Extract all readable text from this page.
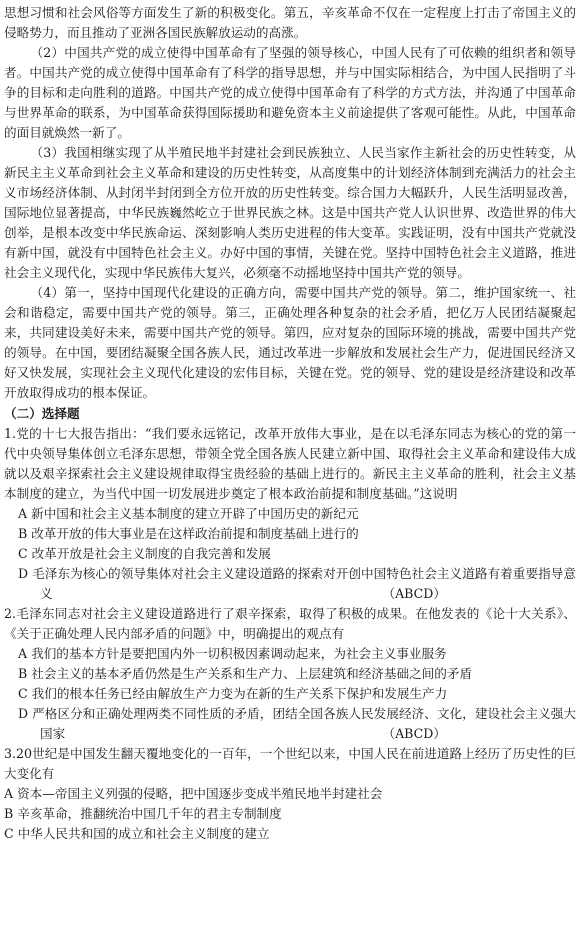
思想习惯和社会风俗等方面发生了新的积极变化。第五，辛亥革命不仅在一定程度上打击了帝国主义的侵略势力，而且推动了亚洲各国民族解放运动的高涨。

（2）中国共产党的成立使得中国革命有了坚强的领导核心，中国人民有了可依赖的组织者和领导者。中国共产党的成立使得中国革命有了科学的指导思想，并与中国实际相结合，为中国人民指明了斗争的目标和走向胜利的道路。中国共产党的成立使得中国革命有了科学的方式方法，并沟通了中国革命与世界革命的联系，为中国革命获得国际援助和避免资本主义前途提供了客观可能性。从此，中国革命的面目就焕然一新了。

（3）我国相继实现了从半殖民地半封建社会到民族独立、人民当家作主新社会的历史性转变，从新民主主义革命到社会主义革命和建设的历史性转变，从高度集中的计划经济体制到充满活力的社会主义市场经济体制、从封闭半封闭到全方位开放的历史性转变。综合国力大幅跃升，人民生活明显改善，国际地位显著提高，中华民族巍然屹立于世界民族之林。这是中国共产党人认识世界、改造世界的伟大创举，是根本改变中华民族命运、深刻影响人类历史进程的伟大变革。实践证明，没有中国共产党就没有新中国，就没有中国特色社会主义。办好中国的事情，关键在党。坚持中国特色社会主义道路，推进社会主义现代化，实现中华民族伟大复兴，必须毫不动摇地坚持中国共产党的领导。

（4）第一，坚持中国现代化建设的正确方向，需要中国共产党的领导。第二，维护国家统一、社会和谐稳定，需要中国共产党的领导。第三，正确处理各种复杂的社会矛盾，把亿万人民团结凝聚起来，共同建设美好未来，需要中国共产党的领导。第四，应对复杂的国际环境的挑战，需要中国共产党的领导。在中国，要团结凝聚全国各族人民，通过改革进一步解放和发展社会生产力，促进国民经济又好又快发展，实现社会主义现代化建设的宏伟目标，关键在党。党的领导、党的建设是经济建设和改革开放取得成功的根本保证。

（二）选择题

1.党的十七大报告指出：“我们要永远铭记，改革开放伟大事业，是在以毛泽东同志为核心的党的第一代中央领导集体创立毛泽东思想，带领全党全国各族人民建立新中国、取得社会主义革命和建设伟大成就以及艰辛探索社会主义建设规律取得宝贵经验的基础上进行的。新民主主义革命的胜利，社会主义基本制度的建立，为当代中国一切发展进步奠定了根本政治前提和制度基础。”这说明

A 新中国和社会主义基本制度的建立开辟了中国历史的新纪元
B 改革开放的伟大事业是在这样政治前提和制度基础上进行的
C 改革开放是社会主义制度的自我完善和发展
D 毛泽东为核心的领导集体对社会主义建设道路的探索对开创中国特色社会主义道路有着重要指导意义	（ABCD）

2.毛泽东同志对社会主义建设道路进行了艰辛探索，取得了积极的成果。在他发表的《论十大关系》、《关于正确处理人民内部矛盾的问题》中，明确提出的观点有

A 我们的基本方针是要把国内外一切积极因素调动起来，为社会主义事业服务
B 社会主义的基本矛盾仍然是生产关系和生产力、上层建筑和经济基础之间的矛盾
C 我们的根本任务已经由解放生产力变为在新的生产关系下保护和发展生产力
D 严格区分和正确处理两类不同性质的矛盾，团结全国各族人民发展经济、文化，建设社会主义强大国家	（ABCD）

3.20世纪是中国发生翻天覆地变化的一百年，一个世纪以来，中国人民在前进道路上经历了历史性的巨大变化有

A 资本—帝国主义列强的侵略，把中国逐步变成半殖民地半封建社会
B 辛亥革命，推翻统治中国几千年的君主专制制度
C 中华人民共和国的成立和社会主义制度的建立
